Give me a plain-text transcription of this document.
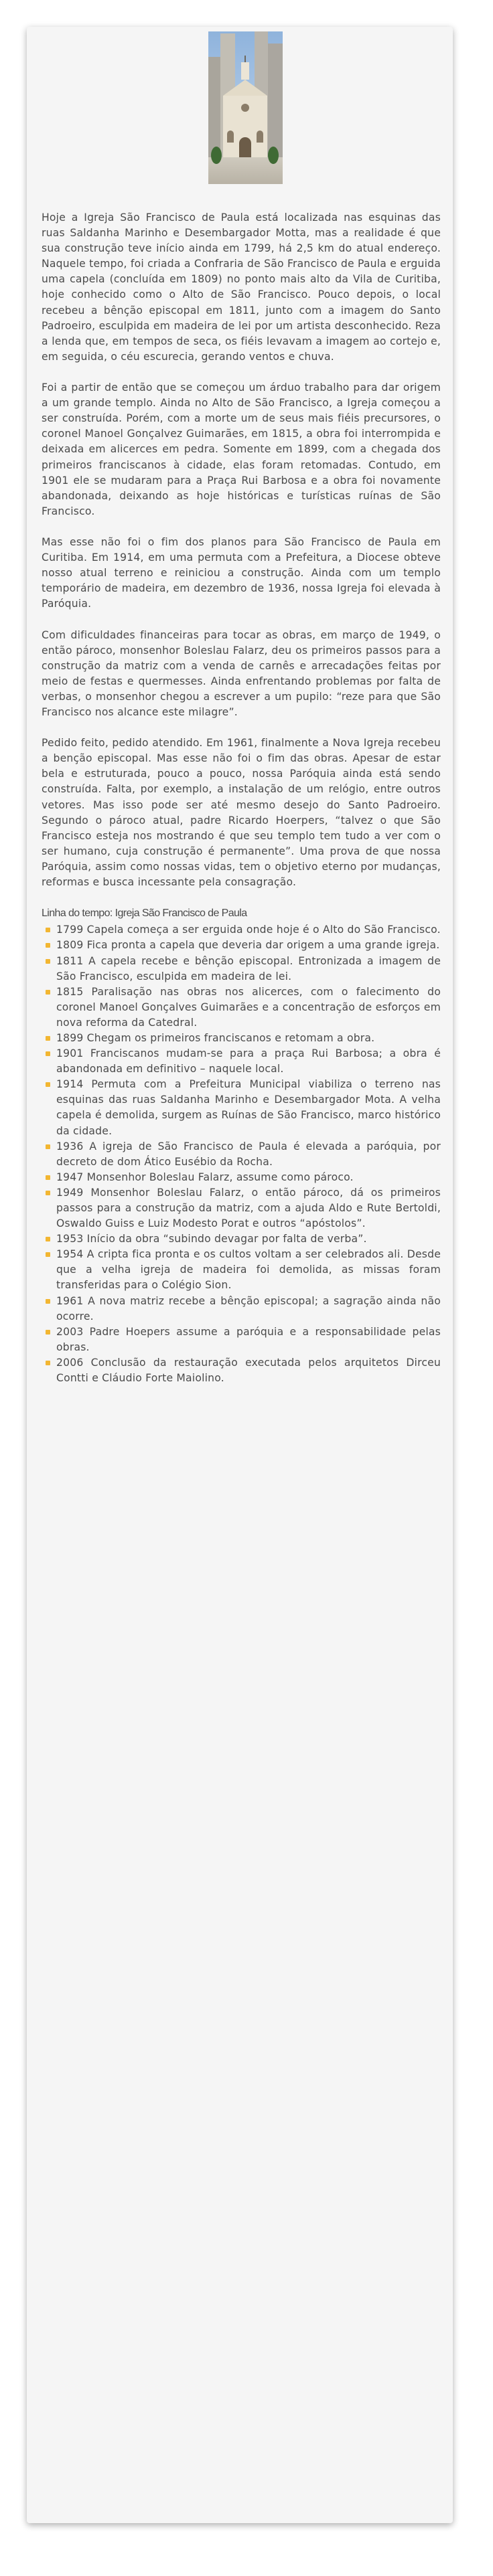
Hoje a Igreja São Francisco de Paula está localizada nas esquinas das ruas Saldanha Marinho e Desembargador Motta, mas a realidade é que sua construção teve início ainda em 1799, há 2,5 km do atual endereço. Naquele tempo, foi criada a Confraria de São Francisco de Paula e erguida uma capela (concluída em 1809) no ponto mais alto da Vila de Curitiba, hoje conhecido como o Alto de São Francisco. Pouco depois, o local recebeu a bênção episcopal em 1811, junto com a imagem do Santo Padroeiro, esculpida em madeira de lei por um artista desconhecido. Reza a lenda que, em tempos de seca, os fiéis levavam a imagem ao cortejo e, em seguida, o céu escurecia, gerando ventos e chuva.

Foi a partir de então que se começou um árduo trabalho para dar origem a um grande templo. Ainda no Alto de São Francisco, a Igreja começou a ser construída. Porém, com a morte um de seus mais fiéis precursores, o coronel Manoel Gonçalvez Guimarães, em 1815, a obra foi interrompida e deixada em alicerces em pedra. Somente em 1899, com a chegada dos primeiros franciscanos à cidade, elas foram retomadas. Contudo, em 1901 ele se mudaram para a Praça Rui Barbosa e a obra foi novamente abandonada, deixando as hoje históricas e turísticas ruínas de São Francisco.

Mas esse não foi o fim dos planos para São Francisco de Paula em Curitiba. Em 1914, em uma permuta com a Prefeitura, a Diocese obteve nosso atual terreno e reiniciou a construção. Ainda com um templo temporário de madeira, em dezembro de 1936, nossa Igreja foi elevada à Paróquia.

Com dificuldades financeiras para tocar as obras, em março de 1949, o então pároco, monsenhor Boleslau Falarz, deu os primeiros passos para a construção da matriz com a venda de carnês e arrecadações feitas por meio de festas e quermesses. Ainda enfrentando problemas por falta de verbas, o monsenhor chegou a escrever a um pupilo: “reze para que São Francisco nos alcance este milagre”.

Pedido feito, pedido atendido. Em 1961, finalmente a Nova Igreja recebeu a benção episcopal. Mas esse não foi o fim das obras. Apesar de estar bela e estruturada, pouco a pouco, nossa Paróquia ainda está sendo construída. Falta, por exemplo, a instalação de um relógio, entre outros vetores. Mas isso pode ser até mesmo desejo do Santo Padroeiro. Segundo o pároco atual, padre Ricardo Hoerpers, “talvez o que São Francisco esteja nos mostrando é que seu templo tem tudo a ver com o ser humano, cuja construção é permanente”. Uma prova de que nossa Paróquia, assim como nossas vidas, tem o objetivo eterno por mudanças, reformas e busca incessante pela consagração.

Linha do tempo: Igreja São Francisco de Paula
1799 Capela começa a ser erguida onde hoje é o Alto do São Francisco.
1809 Fica pronta a capela que deveria dar origem a uma grande igreja.
1811 A capela recebe e bênção episcopal. Entronizada a imagem de São Francisco, esculpida em madeira de lei.
1815 Paralisação nas obras nos alicerces, com o falecimento do coronel Manoel Gonçalves Guimarães e a concentração de esforços em nova reforma da Catedral.
1899 Chegam os primeiros franciscanos e retomam a obra.
1901 Franciscanos mudam-se para a praça Rui Barbosa; a obra é abandonada em definitivo – naquele local.
1914 Permuta com a Prefeitura Municipal viabiliza o terreno nas esquinas das ruas Saldanha Marinho e Desembargador Mota. A velha capela é demolida, surgem as Ruínas de São Francisco, marco histórico da cidade.
1936 A igreja de São Francisco de Paula é elevada a paróquia, por decreto de dom Ático Eusébio da Rocha.
1947 Monsenhor Boleslau Falarz, assume como pároco.
1949 Monsenhor Boleslau Falarz, o então pároco, dá os primeiros passos para a construção da matriz, com a ajuda Aldo e Rute Bertoldi, Oswaldo Guiss e Luiz Modesto Porat e outros “apóstolos”.
1953 Início da obra “subindo devagar por falta de verba”.
1954 A cripta fica pronta e os cultos voltam a ser celebrados ali. Desde que a velha igreja de madeira foi demolida, as missas foram transferidas para o Colégio Sion.
1961 A nova matriz recebe a bênção episcopal; a sagração ainda não ocorre.
2003 Padre Hoepers assume a paróquia e a responsabilidade pelas obras.
2006 Conclusão da restauração executada pelos arquitetos Dirceu Contti e Cláudio Forte Maiolino.
